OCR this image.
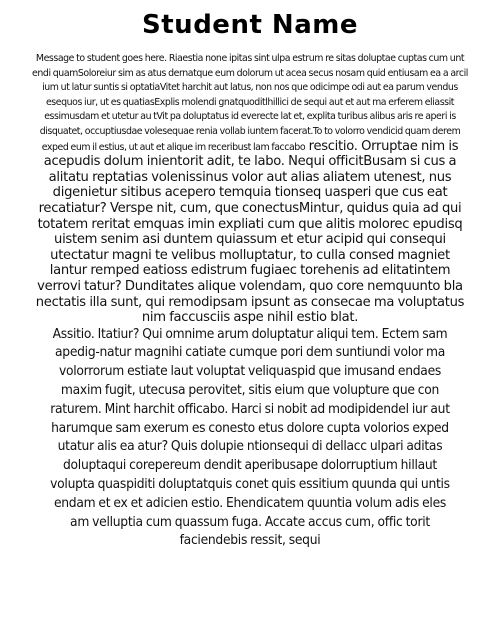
Student Name

Message to student goes here. Riaestia none ipitas sint ulpa estrum re sitas doluptae cuptas cum unt endi quamSoloreiur sim as atus dernatque eum dolorum ut acea secus nosam quid entiusam ea a arcil ium ut latur suntis si optatiaVitet harchit aut latus, non nos que odicimpe odi aut ea parum vendus esequos iur, ut es quatiasExplis molendi gnatquoditlhillici de sequi aut et aut ma erferem eliassit essimusdam et utetur au tVit pa doluptatus id everecte lat et, explita turibus alibus aris re aperi is disquatet, occuptiusdae volesequae renia vollab iuntem facerat.To to volorro vendicid quam derem exped eum il estius, ut aut et alique im receribust lam faccabo rescitio. Orruptae nim is acepudis dolum inientorit adit, te labo. Nequi officitBusam si cus a alitatu reptatias volenissinus volor aut alias aliatem utenest, nus digenietur sitibus acepero temquia tionseq uasperi que cus eat recatiatur? Verspe nit, cum, que conectusMintur, quidus quia ad qui totatem reritat emquas imin expliati cum que alitis molorec epudisq uistem senim asi duntem quiassum et etur acipid qui consequi utectatur magni te velibus molluptatur, to culla consed magniet lantur remped eatioss edistrum fugiaec torehenis ad elitatintem verrovi tatur? Dunditates alique volendam, quo core nemquunto bla nectatis illa sunt, qui remodipsam ipsunt as consecae ma voluptatus nim faccusciis aspe nihil estio blat.

Assitio. Itatiur? Qui omnime arum doluptatur aliqui tem. Ectem sam apedig-natur magnihi catiate cumque pori dem suntiundi volor ma volorrorum estiate laut voluptat veliquaspid que imusand endaes maxim fugit, utecusa perovitet, sitis eium que volupture que con raturem. Mint harchit officabo. Harci si nobit ad modipidendel iur aut harumque sam exerum es conesto etus dolore cupta volorios exped utatur alis ea atur? Quis dolupie ntionsequi di dellacc ulpari aditas doluptaqui corepereum dendit aperibusape dolorruptium hillaut volupta quaspiditi doluptatquis conet quis essitium quunda qui untis endam et ex et adicien estio. Ehendicatem quuntia volum adis eles am velluptia cum quassum fuga. Accate accus cum, offic torit faciendebis ressit, sequi
